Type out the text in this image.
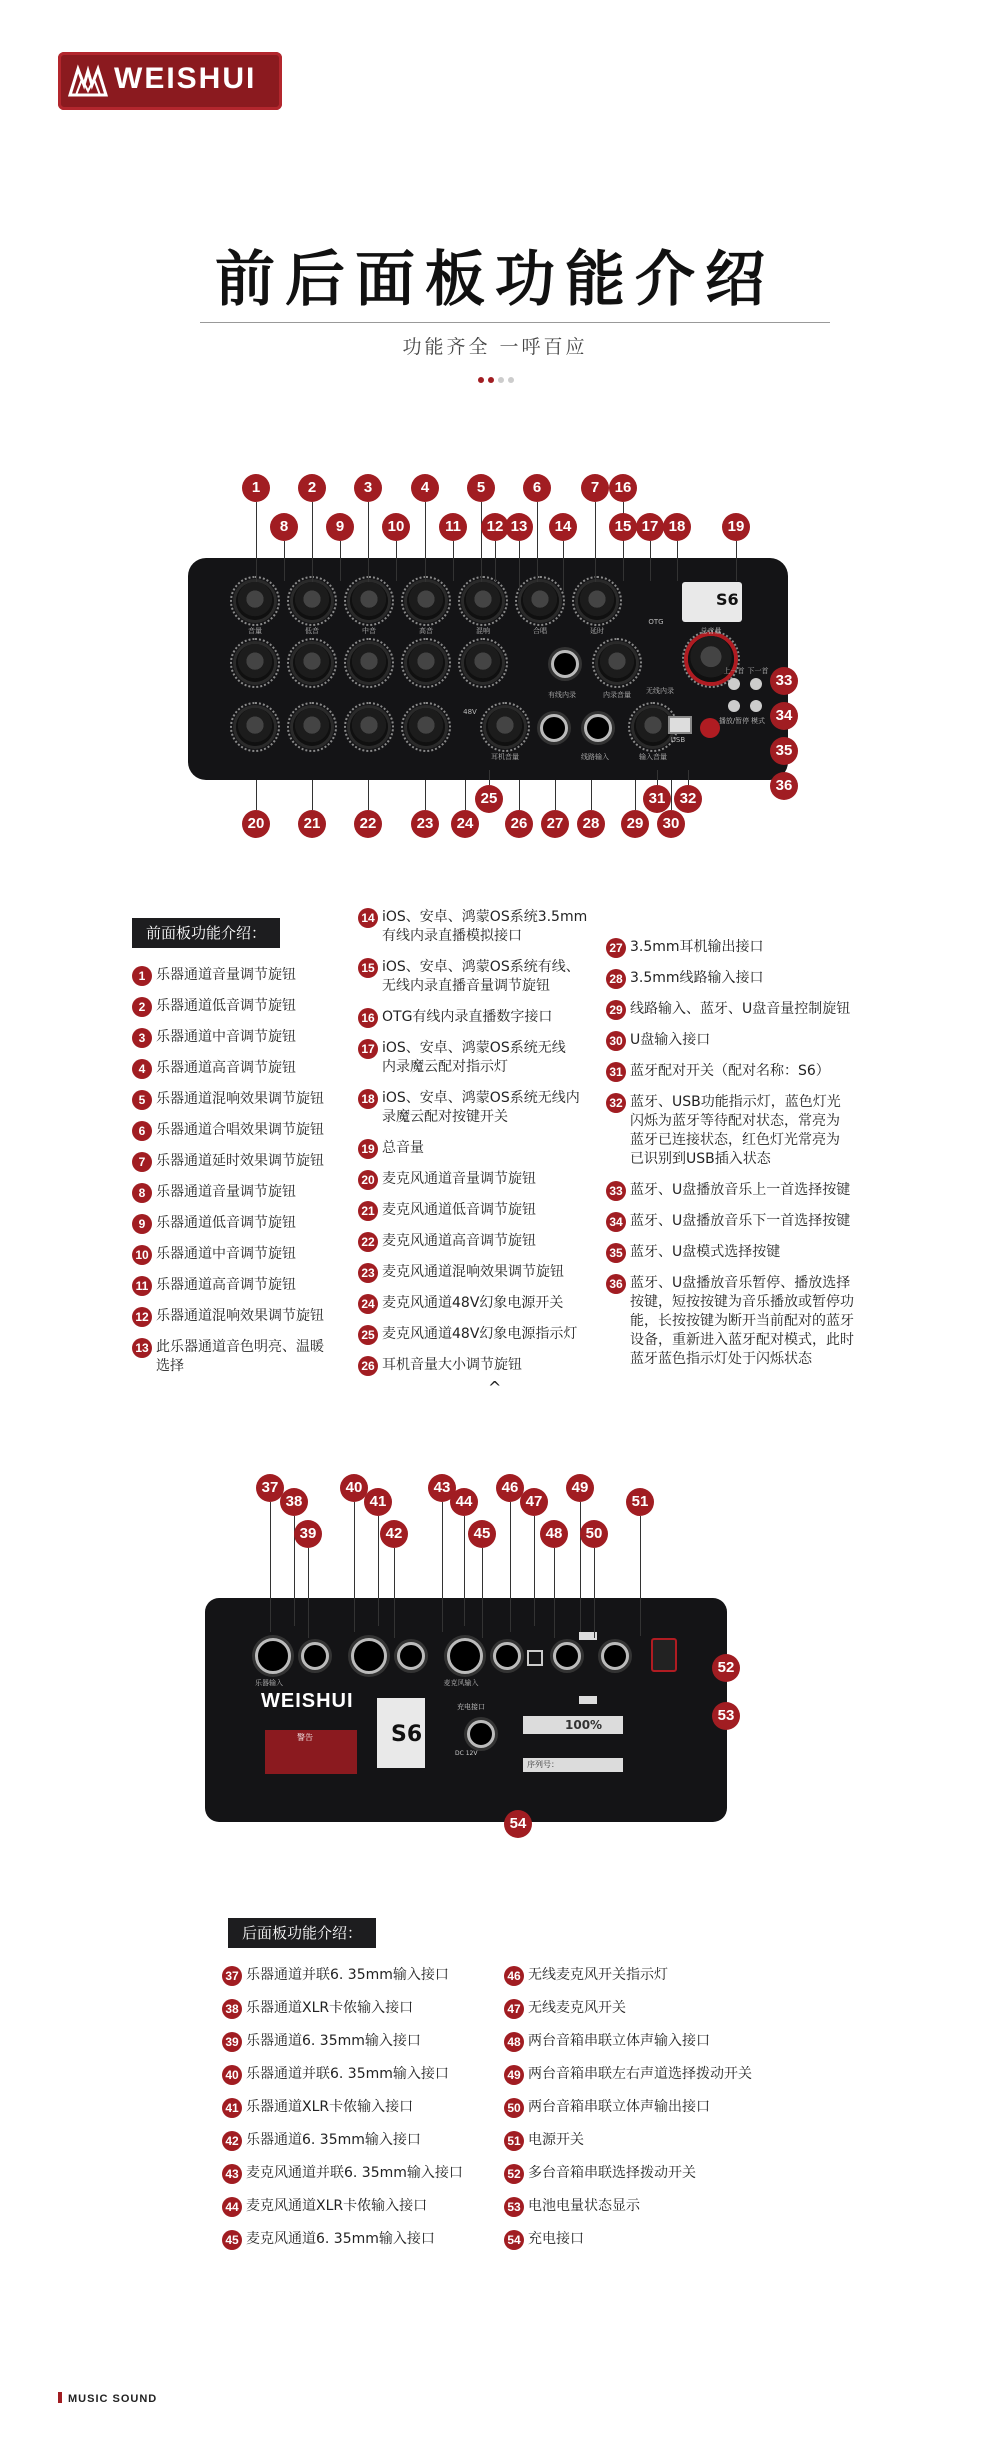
WEISHUI
前后面板功能介绍
功能齐全 一呼百应
S6
音量	低音	中音	高音	混响	合唱	延时
有线内录	内录音量	无线内录
总音量
OTG
48V
耳机音量	线路输入	输入音量
USB
上一首 下一首
播放/暂停 模式
1
8
2
9
3
10
4
11
5
12 13
6
14
7	16
15 17 18	19
33
34
35
36
20	21	22	23	24
25
26	27	28	29	30
31 32
前面板功能介绍：
1 乐器通道音量调节旋钮
2 乐器通道低音调节旋钮
3 乐器通道中音调节旋钮
4 乐器通道高音调节旋钮
5 乐器通道混响效果调节旋钮
6 乐器通道合唱效果调节旋钮
7 乐器通道延时效果调节旋钮
8 乐器通道音量调节旋钮
9 乐器通道低音调节旋钮
10 乐器通道中音调节旋钮
11 乐器通道高音调节旋钮
12 乐器通道混响效果调节旋钮
13 此乐器通道音色明亮、温暖
选择
14 iOS、安卓、鸿蒙OS系统3.5mm
有线内录直播模拟接口
15 iOS、安卓、鸿蒙OS系统有线、
无线内录直播音量调节旋钮
16 OTG有线内录直播数字接口
17 iOS、安卓、鸿蒙OS系统无线
内录魔云配对指示灯
18 iOS、安卓、鸿蒙OS系统无线内
录魔云配对按键开关
19 总音量
20 麦克风通道音量调节旋钮
21 麦克风通道低音调节旋钮
22 麦克风通道高音调节旋钮
23 麦克风通道混响效果调节旋钮
24 麦克风通道48V幻象电源开关
25 麦克风通道48V幻象电源指示灯
26 耳机音量大小调节旋钮
27 3.5mm耳机输出接口
28 3.5mm线路输入接口
29 线路输入、蓝牙、U盘音量控制旋钮
30 U盘输入接口
31 蓝牙配对开关（配对名称：S6）
32 蓝牙、USB功能指示灯，蓝色灯光
闪烁为蓝牙等待配对状态，常亮为
蓝牙已连接状态，红色灯光常亮为
已识别到USB插入状态
33 蓝牙、U盘播放音乐上一首选择按键
34 蓝牙、U盘播放音乐下一首选择按键
35 蓝牙、U盘模式选择按键
36 蓝牙、U盘播放音乐暂停、播放选择
按键，短按按键为音乐播放或暂停功
能，长按按键为断开当前配对的蓝牙
设备，重新进入蓝牙配对模式，此时
蓝牙蓝色指示灯处于闪烁状态
^
WEISHUI
警告	S6
充电接口
DC 12V
100%
序列号：
乐器输入	麦克风输入
37
38
39
40
41
42
43
44
45
46
47
48
49
50
51
52
53
54
后面板功能介绍：
37 乐器通道并联6. 35mm输入接口
38 乐器通道XLR卡侬输入接口
39 乐器通道6. 35mm输入接口
40 乐器通道并联6. 35mm输入接口
41 乐器通道XLR卡侬输入接口
42 乐器通道6. 35mm输入接口
43 麦克风通道并联6. 35mm输入接口
44 麦克风通道XLR卡侬输入接口
45 麦克风通道6. 35mm输入接口
46 无线麦克风开关指示灯
47 无线麦克风开关
48 两台音箱串联立体声输入接口
49 两台音箱串联左右声道选择拨动开关
50 两台音箱串联立体声输出接口
51 电源开关
52 多台音箱串联选择拨动开关
53 电池电量状态显示
54 充电接口
MUSIC SOUND
